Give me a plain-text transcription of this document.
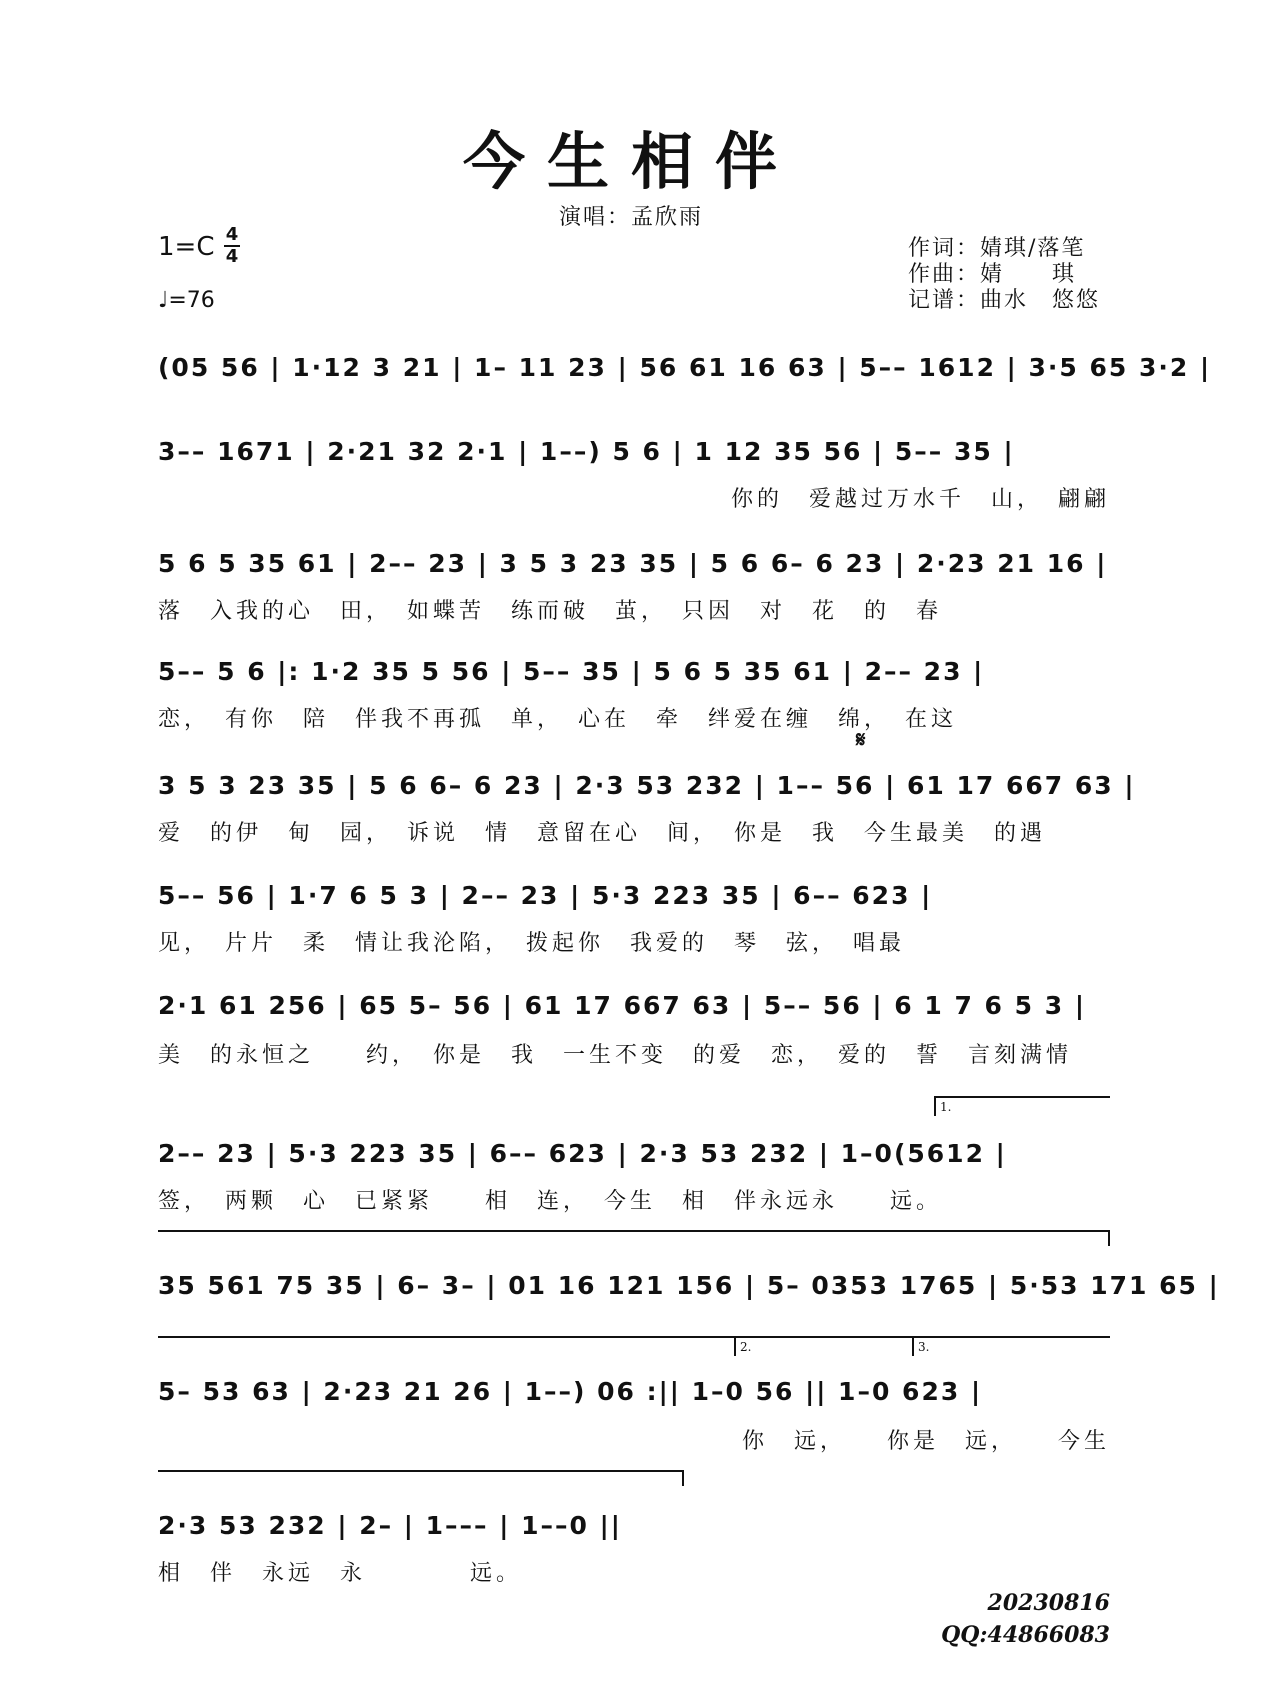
今生相伴
演唱：孟欣雨
1=C 4
4
♩=76
作词：婧琪/落笔
作曲：婧　　琪
记谱：曲水　悠悠
(05 56 | 1·12 3 21 | 1– 11 23 | 56 61 16 63 | 5–– 1612 | 3·5 65 3·2 |
3–– 1671 | 2·21 32 2·1 | 1––) 5 6 | 1 12 35 56 | 5–– 35 |
你的　爱越过万水千　山，　翩翩
5 6 5 35 61 | 2–– 23 | 3 5 3 23 35 | 5 6 6– 6 23 | 2·23 21 16 |
落　入我的心　田，　如蝶苦　练而破　茧，　只因　对　花　的　春
5–– 5 6 |: 1·2 35 5 56 | 5–– 35 | 5 6 5 35 61 | 2–– 23 |
恋，　有你　陪　伴我不再孤　单，　心在　牵　绊爱在缠　绵，　在这
𝄋
3 5 3 23 35 | 5 6 6– 6 23 | 2·3 53 232 | 1–– 56 | 61 17 667 63 |
爱　的伊　甸　园，　诉说　情　意留在心　间，　你是　我　今生最美　的遇
5–– 56 | 1·7 6 5 3 | 2–– 23 | 5·3 223 35 | 6–– 623 |
见，　片片　柔　情让我沦陷，　拨起你　我爱的　琴　弦，　唱最
2·1 61 256 | 65 5– 56 | 61 17 667 63 | 5–– 56 | 6 1 7 6 5 3 |
美　的永恒之　　约，　你是　我　一生不变　的爱　恋，　爱的　誓　言刻满情
1.
2–– 23 | 5·3 223 35 | 6–– 623 | 2·3 53 232 | 1–0(5612 |
签，　两颗　心　已紧紧　　相　连，　今生　相　伴永远永　　远。
35 561 75 35 | 6– 3– | 01 16 121 156 | 5– 0353 1765 | 5·53 171 65 |
2.	3.
5– 53 63 | 2·23 21 26 | 1––) 06 :|| 1–0 56 || 1–0 623 |
你　远，　　你是　远，　　今生
2·3 53 232 | 2– | 1––– | 1––0 ||
相　伴　永远　永　　　　远。
20230816
QQ:44866083
